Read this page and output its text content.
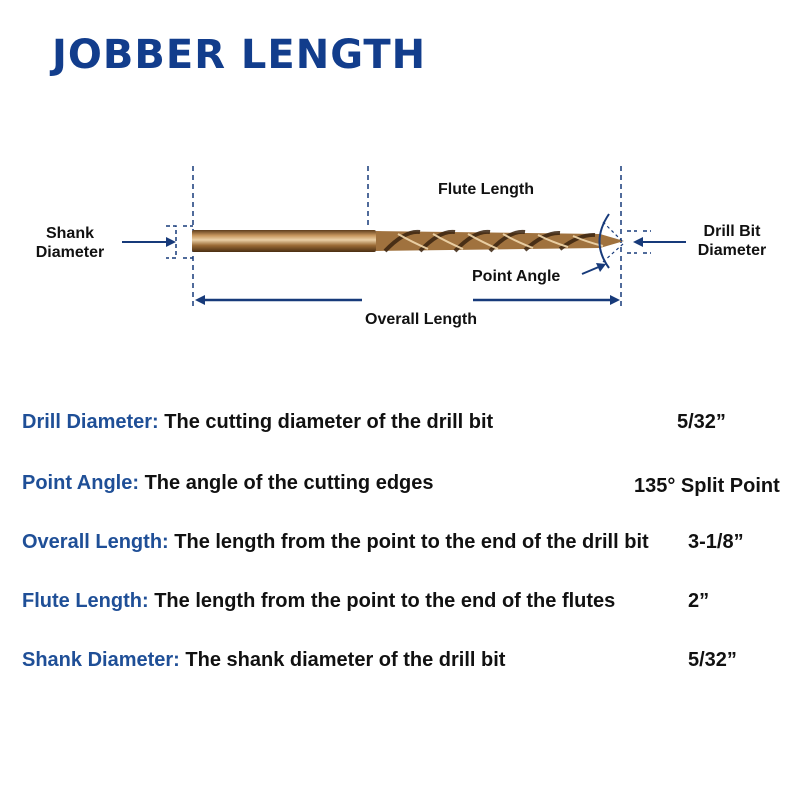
JOBBER LENGTH
Shank
Diameter
Flute Length
Drill Bit
Diameter
Point Angle
Overall Length
Drill Diameter: The cutting diameter of the drill bit	5/32”
Point Angle: The angle of the cutting edges	135° Split Point
Overall Length: The length from the point to the end of the drill bit 3-1/8”
Flute Length: The length from the point to the end of the flutes	2”
Shank Diameter: The shank diameter of the drill bit	5/32”
